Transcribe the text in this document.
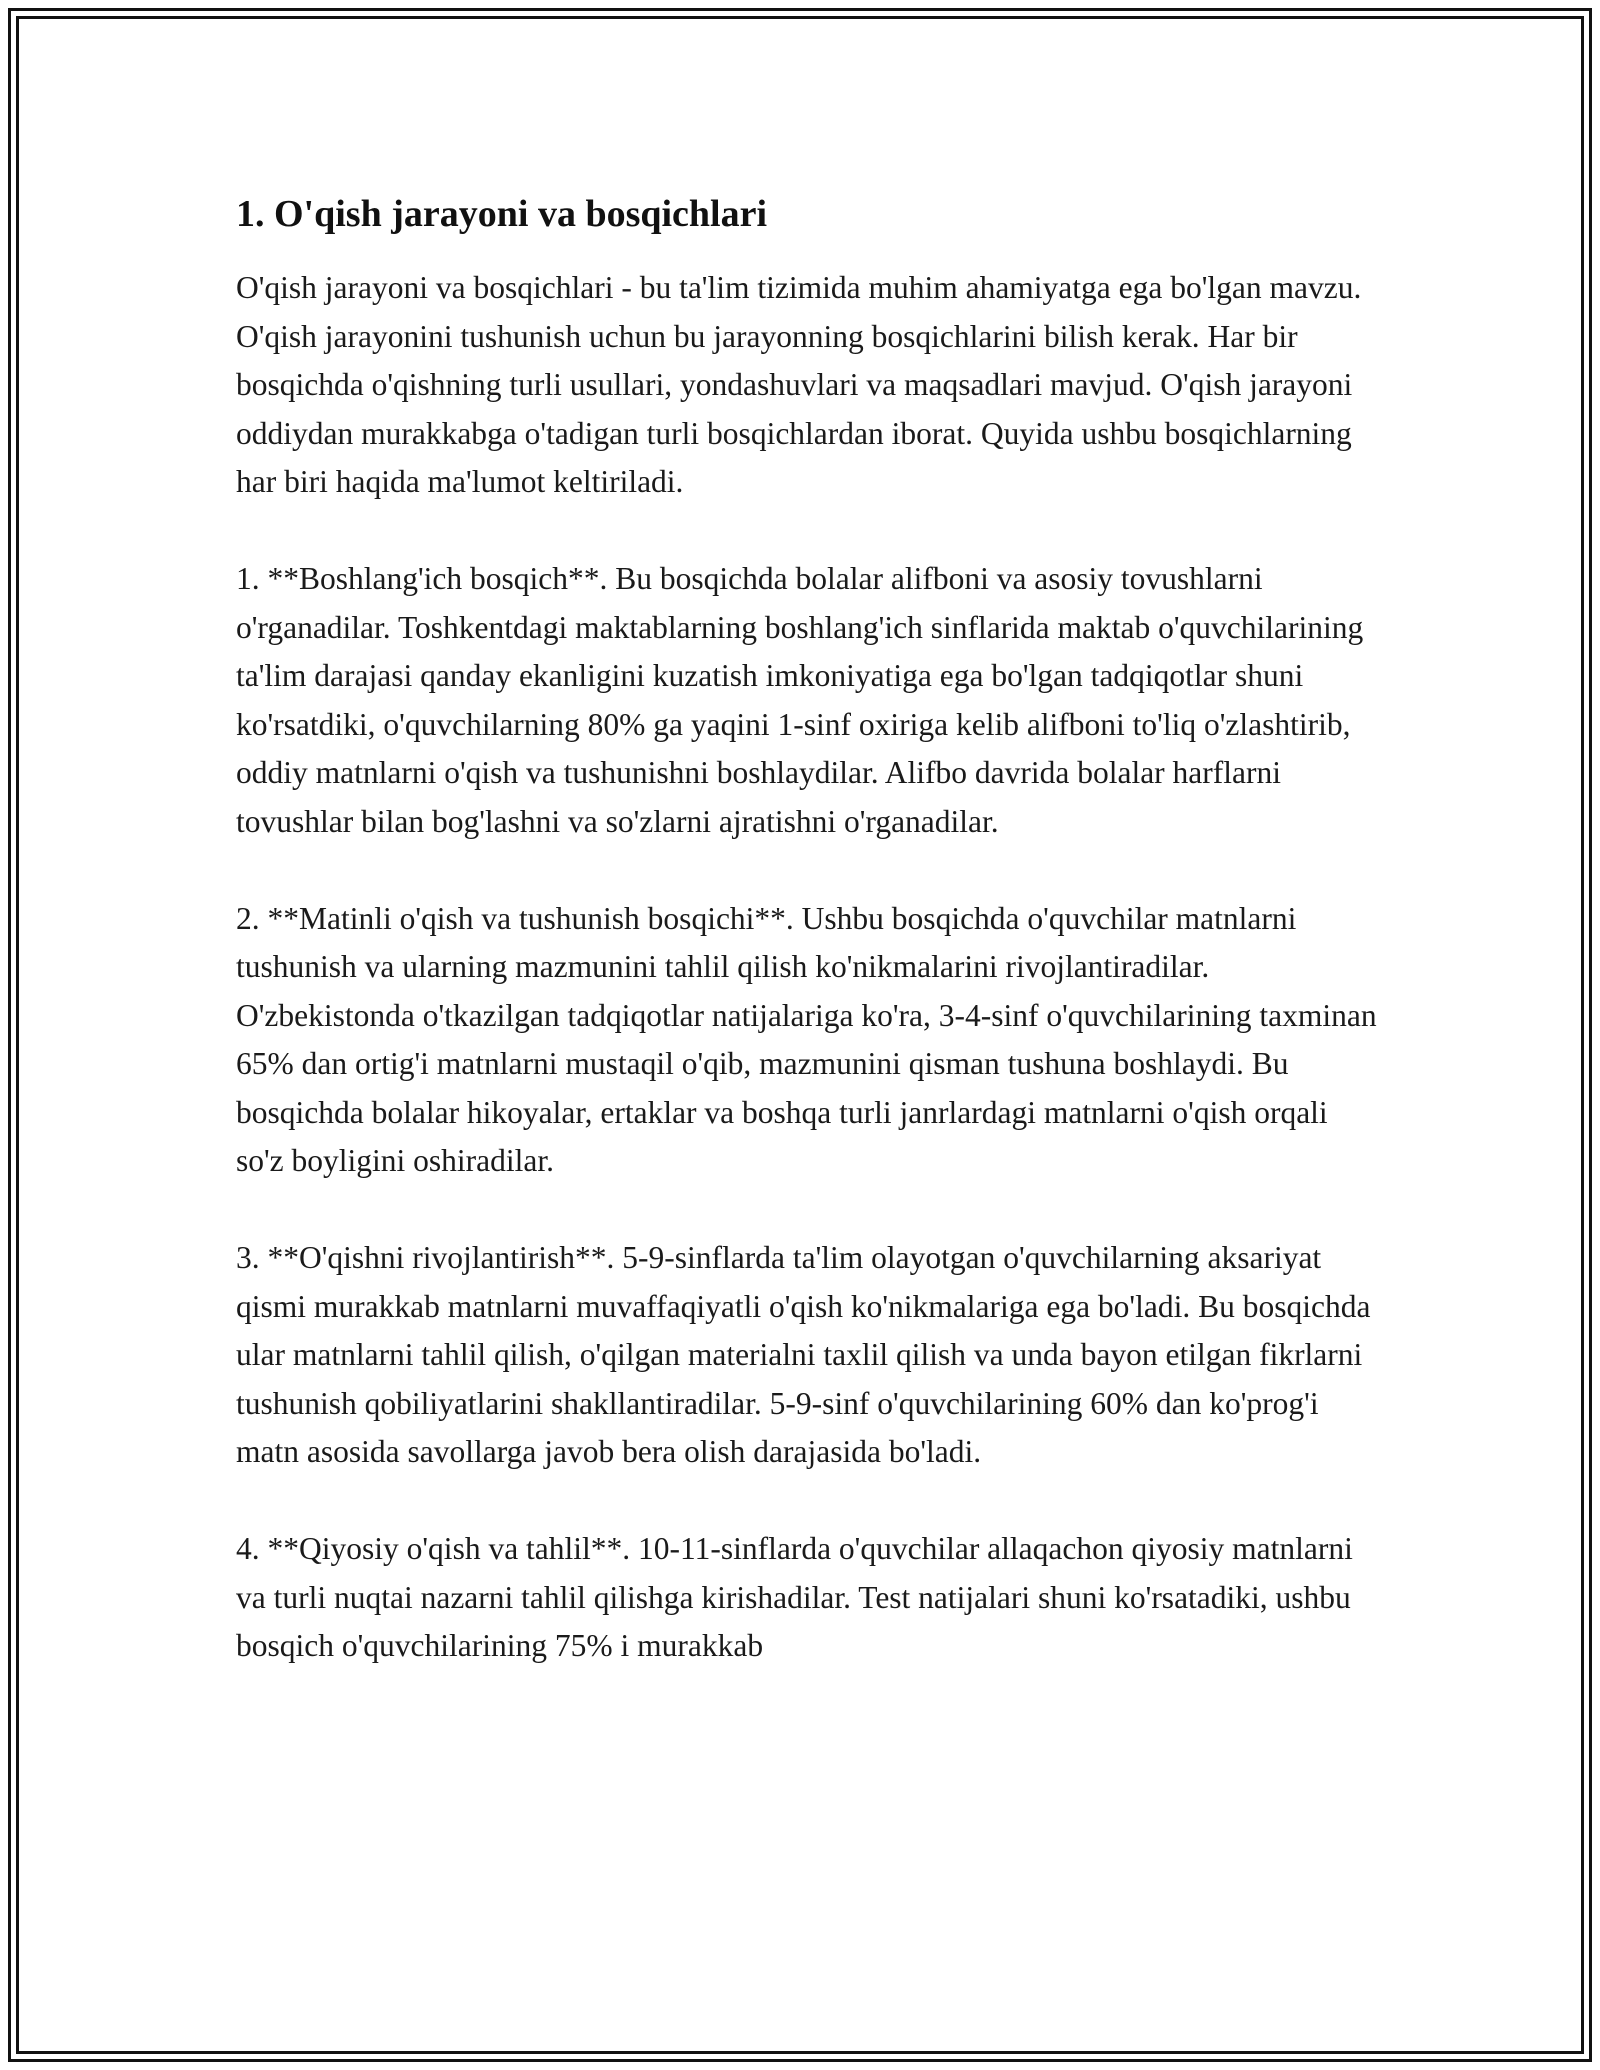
1. O'qish jarayoni va bosqichlari

O'qish jarayoni va bosqichlari - bu ta'lim tizimida muhim ahamiyatga ega bo'lgan mavzu. O'qish jarayonini tushunish uchun bu jarayonning bosqichlarini bilish kerak. Har bir bosqichda o'qishning turli usullari, yondashuvlari va maqsadlari mavjud. O'qish jarayoni oddiydan murakkabga o'tadigan turli bosqichlardan iborat. Quyida ushbu bosqichlarning har biri haqida ma'lumot keltiriladi.

1. **Boshlang'ich bosqich**. Bu bosqichda bolalar alifboni va asosiy tovushlarni o'rganadilar. Toshkentdagi maktablarning boshlang'ich sinflarida maktab o'quvchilarining ta'lim darajasi qanday ekanligini kuzatish imkoniyatiga ega bo'lgan tadqiqotlar shuni ko'rsatdiki, o'quvchilarning 80% ga yaqini 1-sinf oxiriga kelib alifboni to'liq o'zlashtirib, oddiy matnlarni o'qish va tushunishni boshlaydilar. Alifbo davrida bolalar harflarni tovushlar bilan bog'lashni va so'zlarni ajratishni o'rganadilar.

2. **Matinli o'qish va tushunish bosqichi**. Ushbu bosqichda o'quvchilar matnlarni tushunish va ularning mazmunini tahlil qilish ko'nikmalarini rivojlantiradilar. O'zbekistonda o'tkazilgan tadqiqotlar natijalariga ko'ra, 3-4-sinf o'quvchilarining taxminan 65% dan ortig'i matnlarni mustaqil o'qib, mazmunini qisman tushuna boshlaydi. Bu bosqichda bolalar hikoyalar, ertaklar va boshqa turli janrlardagi matnlarni o'qish orqali so'z boyligini oshiradilar.

3. **O'qishni rivojlantirish**. 5-9-sinflarda ta'lim olayotgan o'quvchilarning aksariyat qismi murakkab matnlarni muvaffaqiyatli o'qish ko'nikmalariga ega bo'ladi. Bu bosqichda ular matnlarni tahlil qilish, o'qilgan materialni taxlil qilish va unda bayon etilgan fikrlarni tushunish qobiliyatlarini shakllantiradilar. 5-9-sinf o'quvchilarining 60% dan ko'prog'i matn asosida savollarga javob bera olish darajasida bo'ladi.

4. **Qiyosiy o'qish va tahlil**. 10-11-sinflarda o'quvchilar allaqachon qiyosiy matnlarni va turli nuqtai nazarni tahlil qilishga kirishadilar. Test natijalari shuni ko'rsatadiki, ushbu bosqich o'quvchilarining 75% i murakkab
